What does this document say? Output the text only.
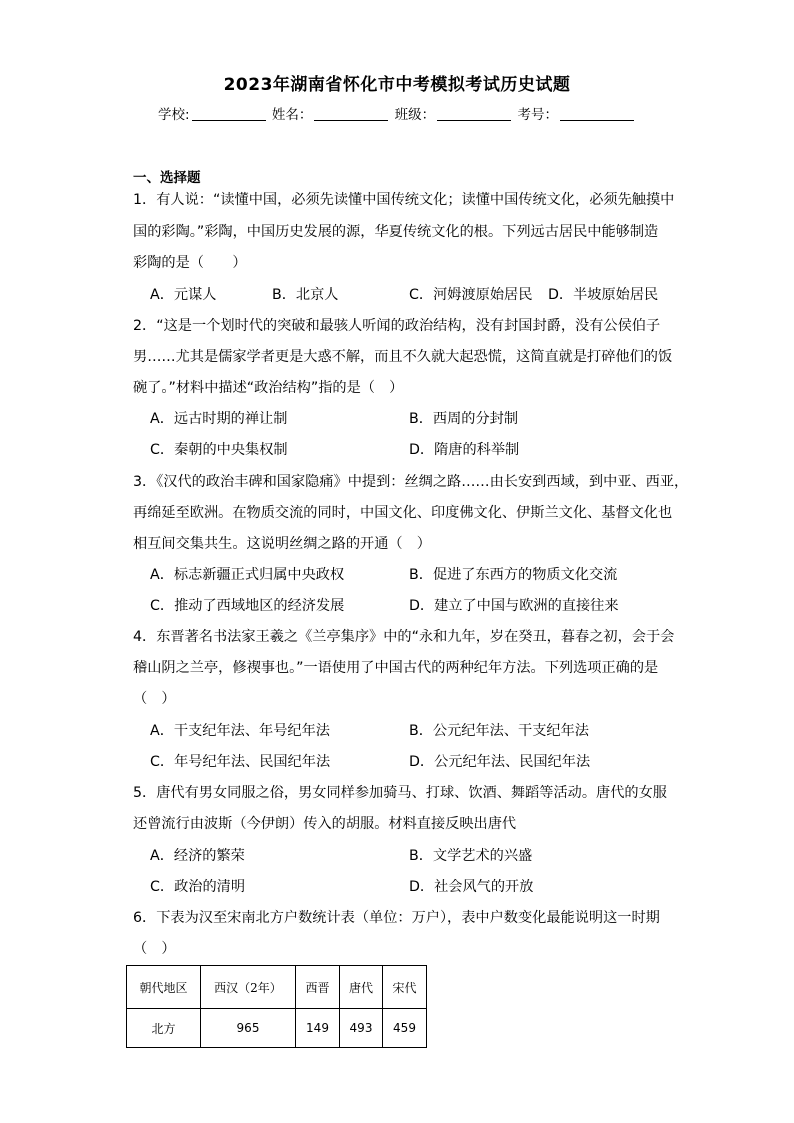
2023年湖南省怀化市中考模拟考试历史试题
学校:	姓名：	班级：	考号：
一、选择题
1．有人说：“读懂中国，必须先读懂中国传统文化；读懂中国传统文化，必须先触摸中
国的彩陶。”彩陶，中国历史发展的源，华夏传统文化的根。下列远古居民中能够制造
彩陶的是（　　）
A．元谋人	B．北京人	C．河姆渡原始居民 D．半坡原始居民
2．“这是一个划时代的突破和最骇人听闻的政治结构，没有封国封爵，没有公侯伯子
男……尤其是儒家学者更是大惑不解，而且不久就大起恐慌，这简直就是打碎他们的饭
碗了。”材料中描述“政治结构”指的是（　）
A．远古时期的禅让制	B．西周的分封制
C．秦朝的中央集权制	D．隋唐的科举制
3．《汉代的政治丰碑和国家隐痛》中提到：丝绸之路……由长安到西域，到中亚、西亚，
再绵延至欧洲。在物质交流的同时，中国文化、印度佛文化、伊斯兰文化、基督文化也
相互间交集共生。这说明丝绸之路的开通（　）
A．标志新疆正式归属中央政权	B．促进了东西方的物质文化交流
C．推动了西域地区的经济发展	D．建立了中国与欧洲的直接往来
4．东晋著名书法家王羲之《兰亭集序》中的“永和九年，岁在癸丑，暮春之初，会于会
稽山阴之兰亭，修禊事也。”一语使用了中国古代的两种纪年方法。下列选项正确的是
（　）
A．干支纪年法、年号纪年法	B．公元纪年法、干支纪年法
C．年号纪年法、民国纪年法	D．公元纪年法、民国纪年法
5．唐代有男女同服之俗，男女同样参加骑马、打球、饮酒、舞蹈等活动。唐代的女服
还曾流行由波斯（今伊朗）传入的胡服。材料直接反映出唐代
A．经济的繁荣	B．文学艺术的兴盛
C．政治的清明	D．社会风气的开放
6．下表为汉至宋南北方户数统计表（单位：万户），表中户数变化最能说明这一时期
（　）
朝代地区	西汉（2年）	西晋	唐代	宋代
北方	965	149	493	459
